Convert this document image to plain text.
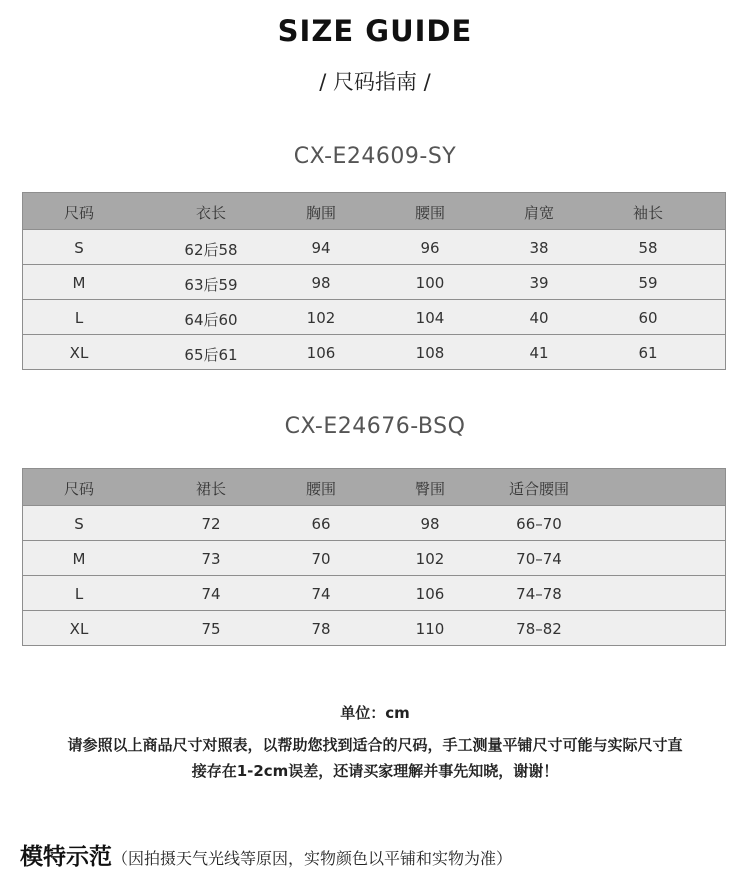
SIZE GUIDE
/ 尺码指南 /
CX-E24609-SY
CX-E24676-BSQ
尺码	衣长	胸围	腰围	肩宽	袖长
S	62后58	94	96	38	58
M	63后59	98	100	39	59
L	64后60	102	104	40	60
XL	65后61	106	108	41	61
尺码	裙长	腰围	臀围	适合腰围
S	72	66	98	66–70
M	73	70	102	70–74
L	74	74	106	74–78
XL	75	78	110	78–82
单位：cm
请参照以上商品尺寸对照表，以帮助您找到适合的尺码，手工测量平铺尺寸可能与实际尺寸直
接存在1-2cm误差，还请买家理解并事先知晓，谢谢！
模特示范（因拍摄天气光线等原因，实物颜色以平铺和实物为准）
